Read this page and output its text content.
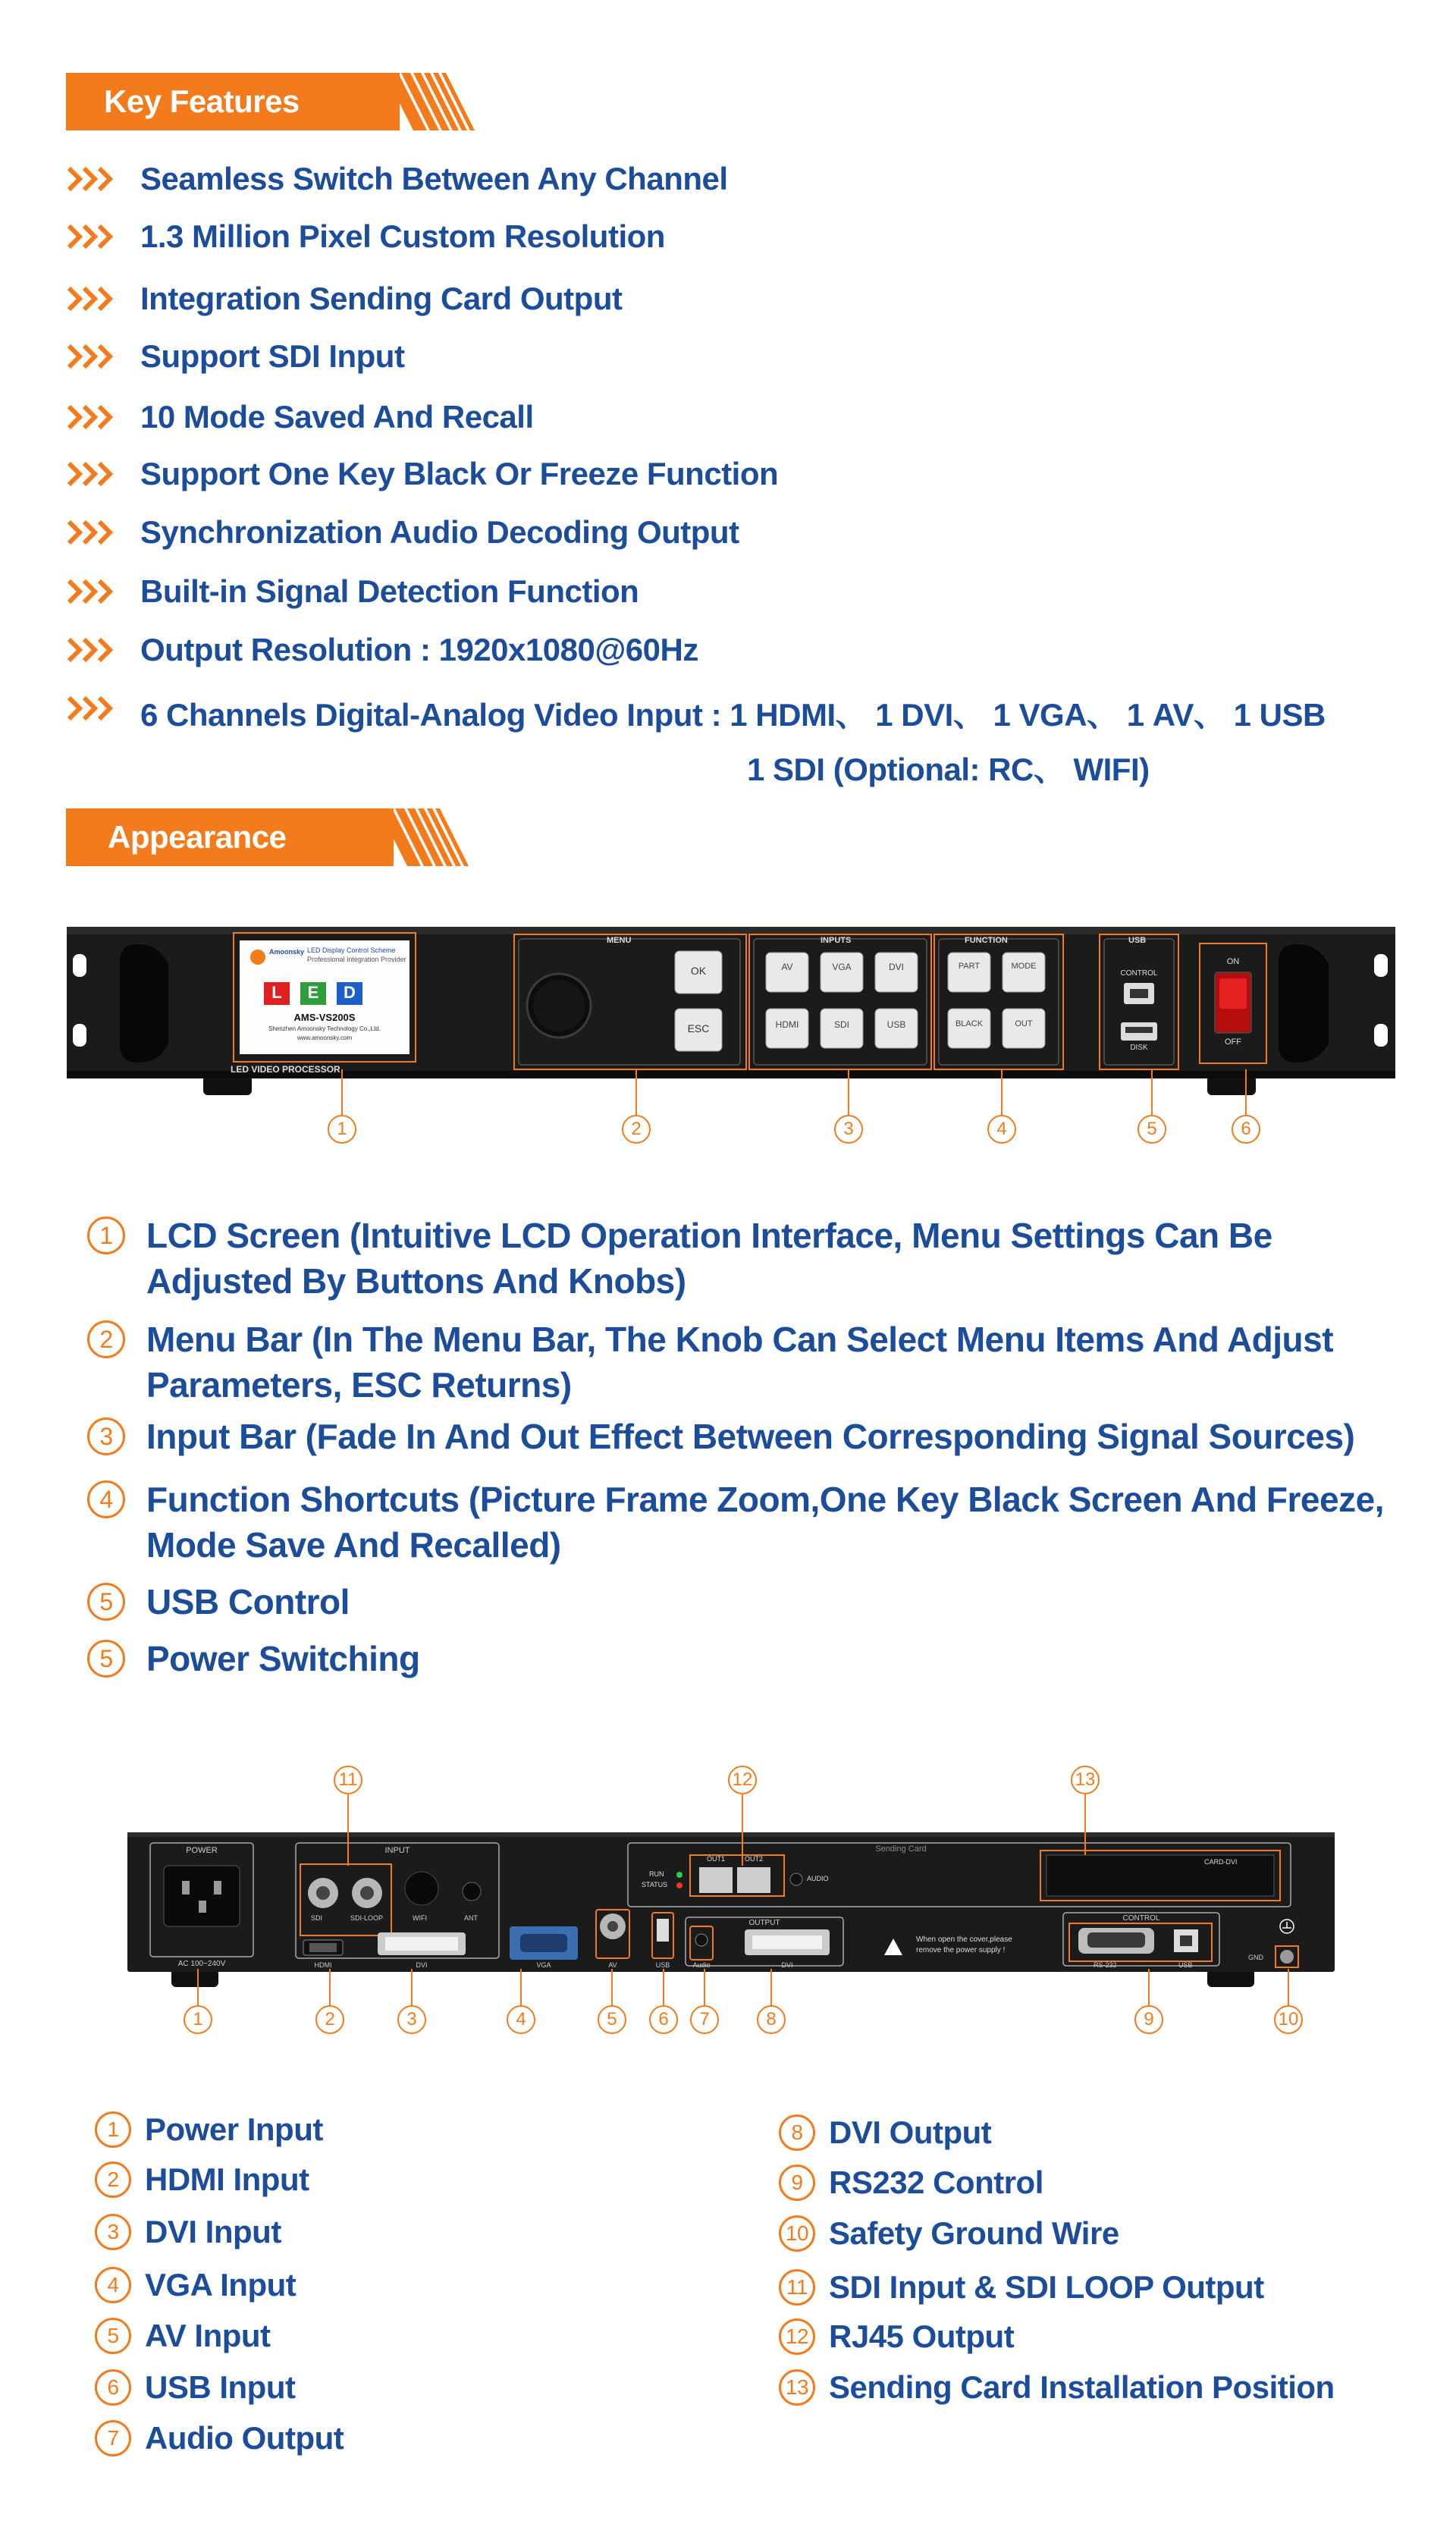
Key Features
Seamless Switch Between Any Channel
1.3 Million Pixel Custom Resolution
Integration Sending Card Output
Support SDI Input
10 Mode Saved And Recall
Support One Key Black Or Freeze Function
Synchronization Audio Decoding Output
Built-in Signal Detection Function
Output Resolution : 1920x1080@60Hz
6 Channels Digital-Analog Video Input : 1 HDMI、 1 DVI、 1 VGA、 1 AV、 1 USB
1 SDI (Optional: RC、 WIFI)
Appearance
Amoonsky LED Display Control Scheme
Professional Integration Provider
L	E	D
AMS-VS200S
Shenzhen Amoonsky Technology Co.,Ltd.
www.amoonsky.com
LED VIDEO PROCESSOR
MENU
OK
ESC
INPUTS
AV	VGA	DVI
HDMI	SDI	USB
FUNCTION
PART	MODE
BLACK	OUT
USB
CONTROL
DISK
ON
OFF
1	2	3	4	5	6
1 LCD Screen (Intuitive LCD Operation Interface, Menu Settings Can Be
Adjusted By Buttons And Knobs)
2 Menu Bar (In The Menu Bar, The Knob Can Select Menu Items And Adjust
Parameters, ESC Returns)
3 Input Bar (Fade In And Out Effect Between Corresponding Signal Sources)
4 Function Shortcuts (Picture Frame Zoom,One Key Black Screen And Freeze,
Mode Save And Recalled)
5 USB Control
5 Power Switching
POWER
AC 100~240V
INPUT
SDI	SDI-LOOP	WIFI	ANT
HDMI	DVI	VGA	AV	USB	Audio
OUTPUT
DVI
Sending Card
OUT1	OUT2
RUN
STATUS
AUDIO
CARD-DVI
When open the cover,please
remove the power supply !
CONTROL
RS-232	USB
GND
11	12	13
1	2	3	4	5	6	7	8	9	10
1 Power Input
2 HDMI Input
3 DVI Input
4 VGA Input
5 AV Input
6 USB Input
7 Audio Output
8 DVI Output
9 RS232 Control
10 Safety Ground Wire
11 SDI Input & SDI LOOP Output
12 RJ45 Output
13 Sending Card Installation Position
